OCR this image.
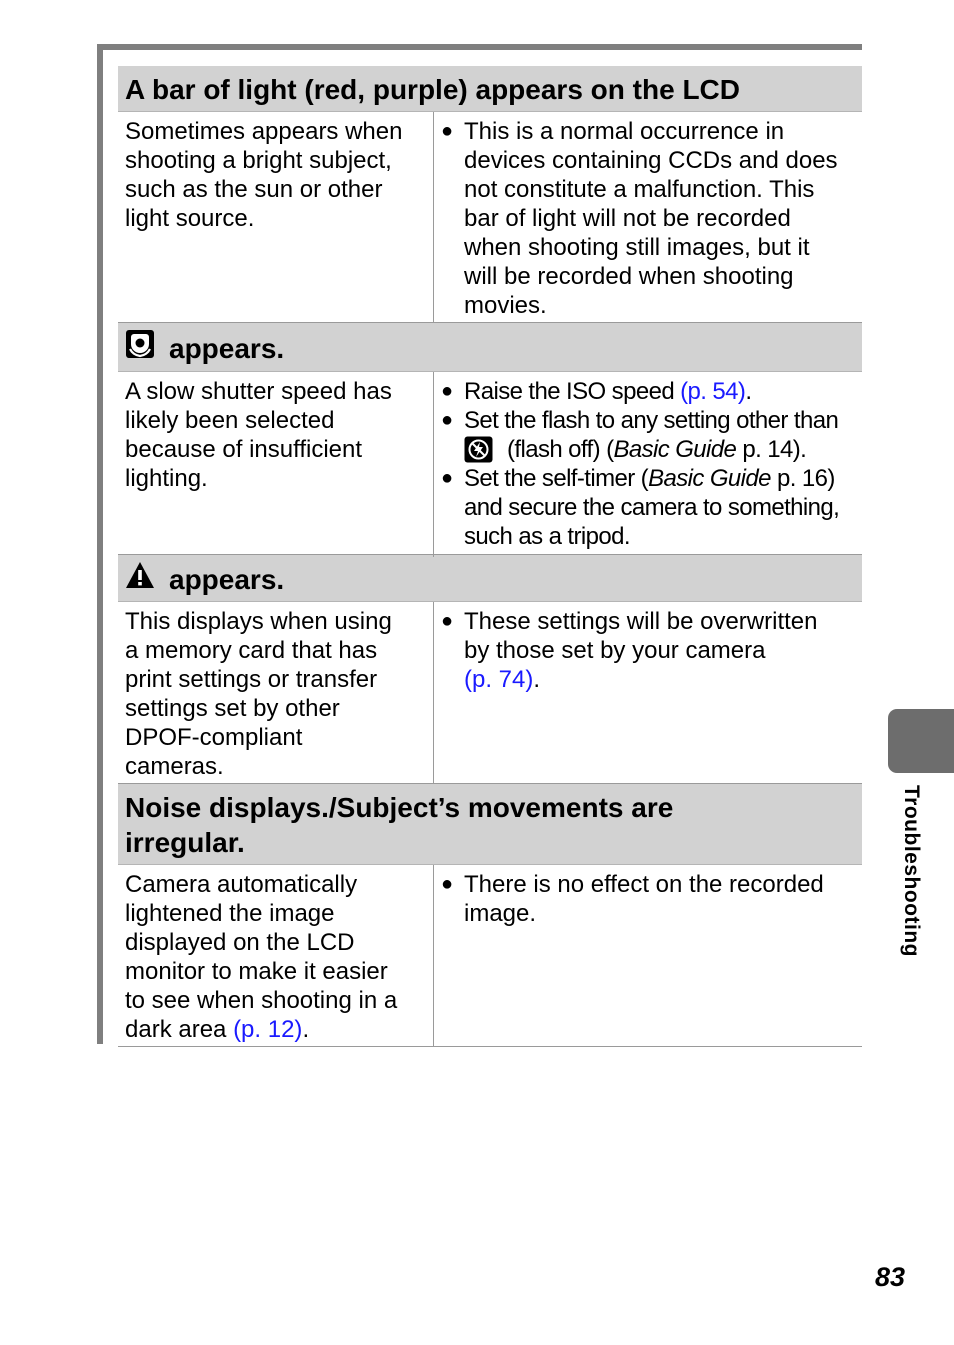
A bar of light (red, purple) appears on the LCD
Sometimes appears when
shooting a bright subject,
such as the sun or other
light source.
● This is a normal occurrence in
devices containing CCDs and does
not constitute a malfunction. This
bar of light will not be recorded
when shooting still images, but it
will be recorded when shooting
movies.
appears.
A slow shutter speed has
likely been selected
because of insufficient
lighting.
● Raise the ISO speed (p. 54).
● Set the flash to any setting other than
(flash off) (Basic Guide p. 14).
● Set the self-timer (Basic Guide p. 16)
and secure the camera to something,
such as a tripod.
appears.
This displays when using
a memory card that has
print settings or transfer
settings set by other
DPOF-compliant
cameras.
● These settings will be overwritten
by those set by your camera
(p. 74).
Noise displays./Subject’s movements are
irregular.
Camera automatically
lightened the image
displayed on the LCD
monitor to make it easier
to see when shooting in a
dark area (p. 12).
● There is no effect on the recorded
image.	Troubleshooting
83
